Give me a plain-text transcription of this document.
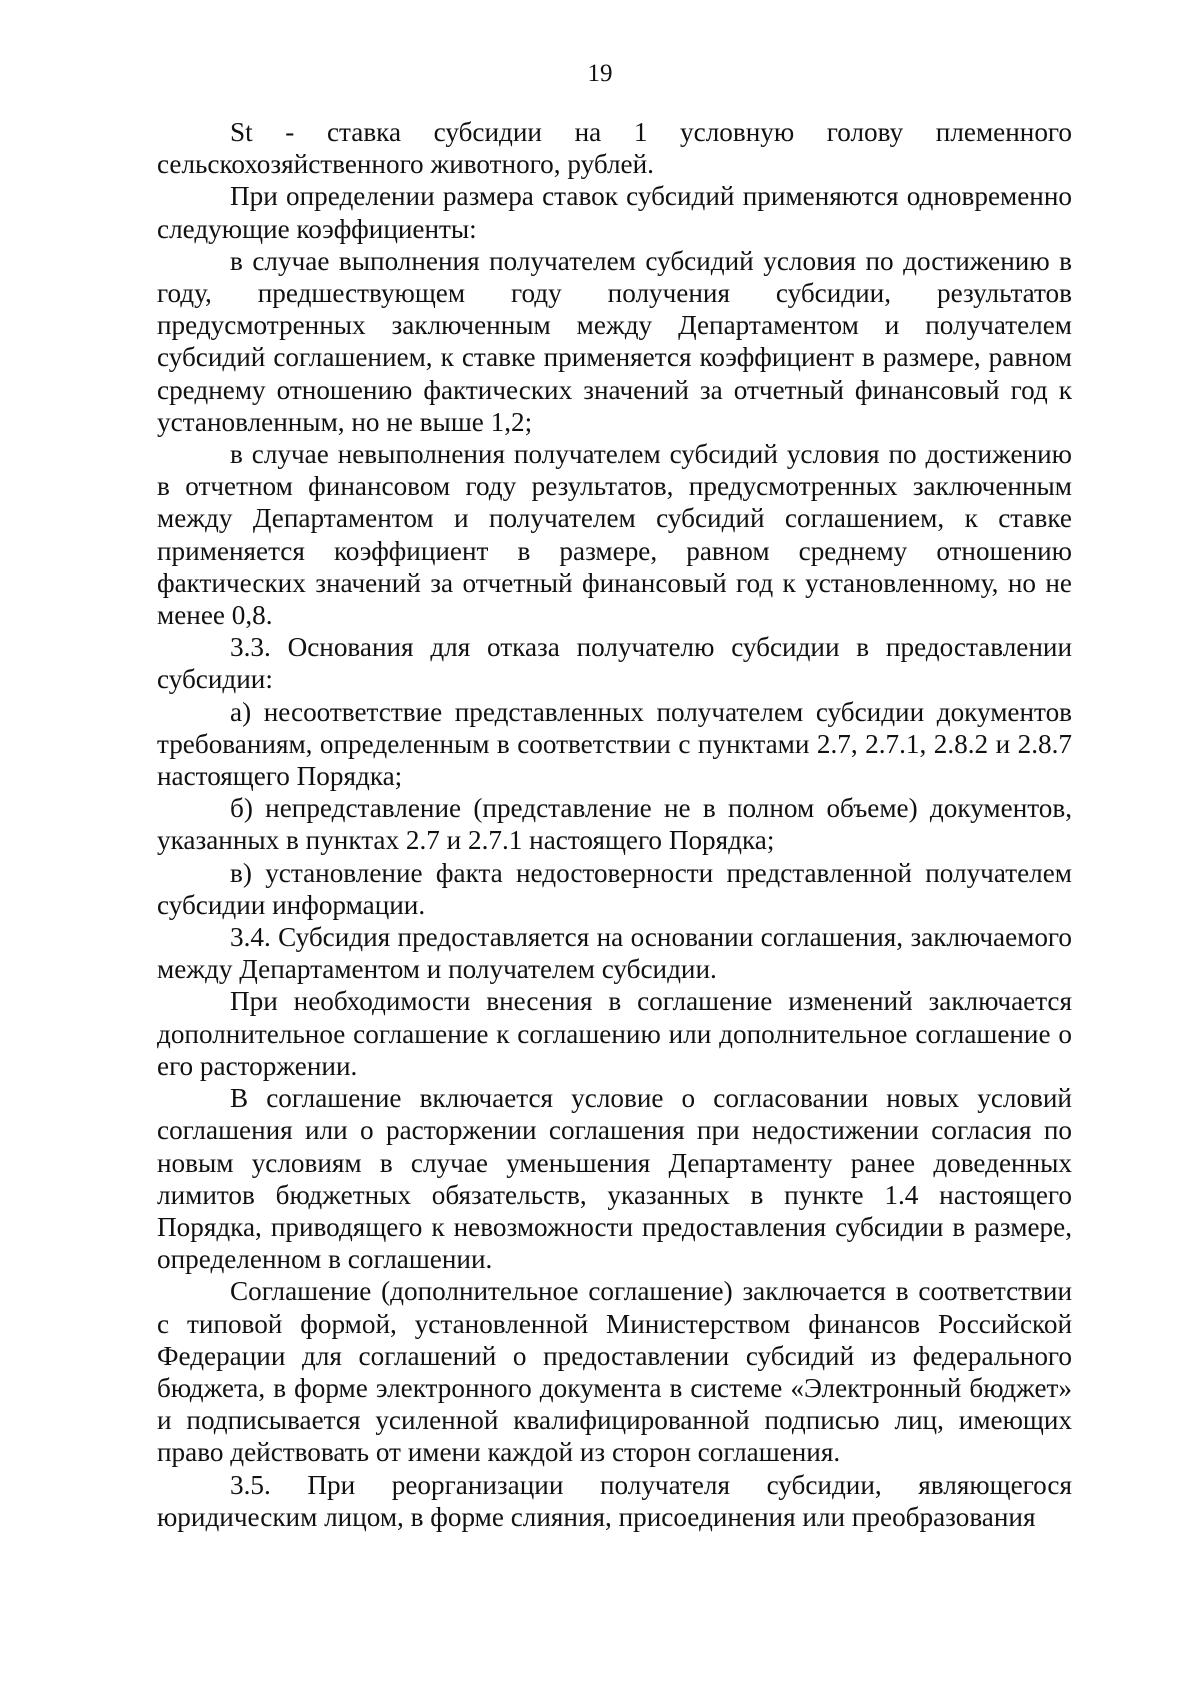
19

St - ставка субсидии на 1 условную голову племенного сельскохозяйственного животного, рублей.

При определении размера ставок субсидий применяются одновременно следующие коэффициенты:

в случае выполнения получателем субсидий условия по достижению в году, предшествующем году получения субсидии, результатов предусмотренных заключенным между Департаментом и получателем субсидий соглашением, к ставке применяется коэффициент в размере, равном среднему отношению фактических значений за отчетный финансовый год к установленным, но не выше 1,2;

в случае невыполнения получателем субсидий условия по достижению в отчетном финансовом году результатов, предусмотренных заключенным между Департаментом и получателем субсидий соглашением, к ставке применяется коэффициент в размере, равном среднему отношению фактических значений за отчетный финансовый год к установленному, но не менее 0,8.

3.3. Основания для отказа получателю субсидии в предоставлении субсидии:

а) несоответствие представленных получателем субсидии документов требованиям, определенным в соответствии с пунктами 2.7, 2.7.1, 2.8.2 и 2.8.7 настоящего Порядка;

б) непредставление (представление не в полном объеме) документов, указанных в пунктах 2.7 и 2.7.1 настоящего Порядка;

в) установление факта недостоверности представленной получателем субсидии информации.

3.4. Субсидия предоставляется на основании соглашения, заключаемого между Департаментом и получателем субсидии.

При необходимости внесения в соглашение изменений заключается дополнительное соглашение к соглашению или дополнительное соглашение о его расторжении.

В соглашение включается условие о согласовании новых условий соглашения или о расторжении соглашения при недостижении согласия по новым условиям в случае уменьшения Департаменту ранее доведенных лимитов бюджетных обязательств, указанных в пункте 1.4 настоящего Порядка, приводящего к невозможности предоставления субсидии в размере, определенном в соглашении.

Соглашение (дополнительное соглашение) заключается в соответствии с типовой формой, установленной Министерством финансов Российской Федерации для соглашений о предоставлении субсидий из федерального бюджета, в форме электронного документа в системе «Электронный бюджет» и подписывается усиленной квалифицированной подписью лиц, имеющих право действовать от имени каждой из сторон соглашения.

3.5. При реорганизации получателя субсидии, являющегося юридическим лицом, в форме слияния, присоединения или преобразования
